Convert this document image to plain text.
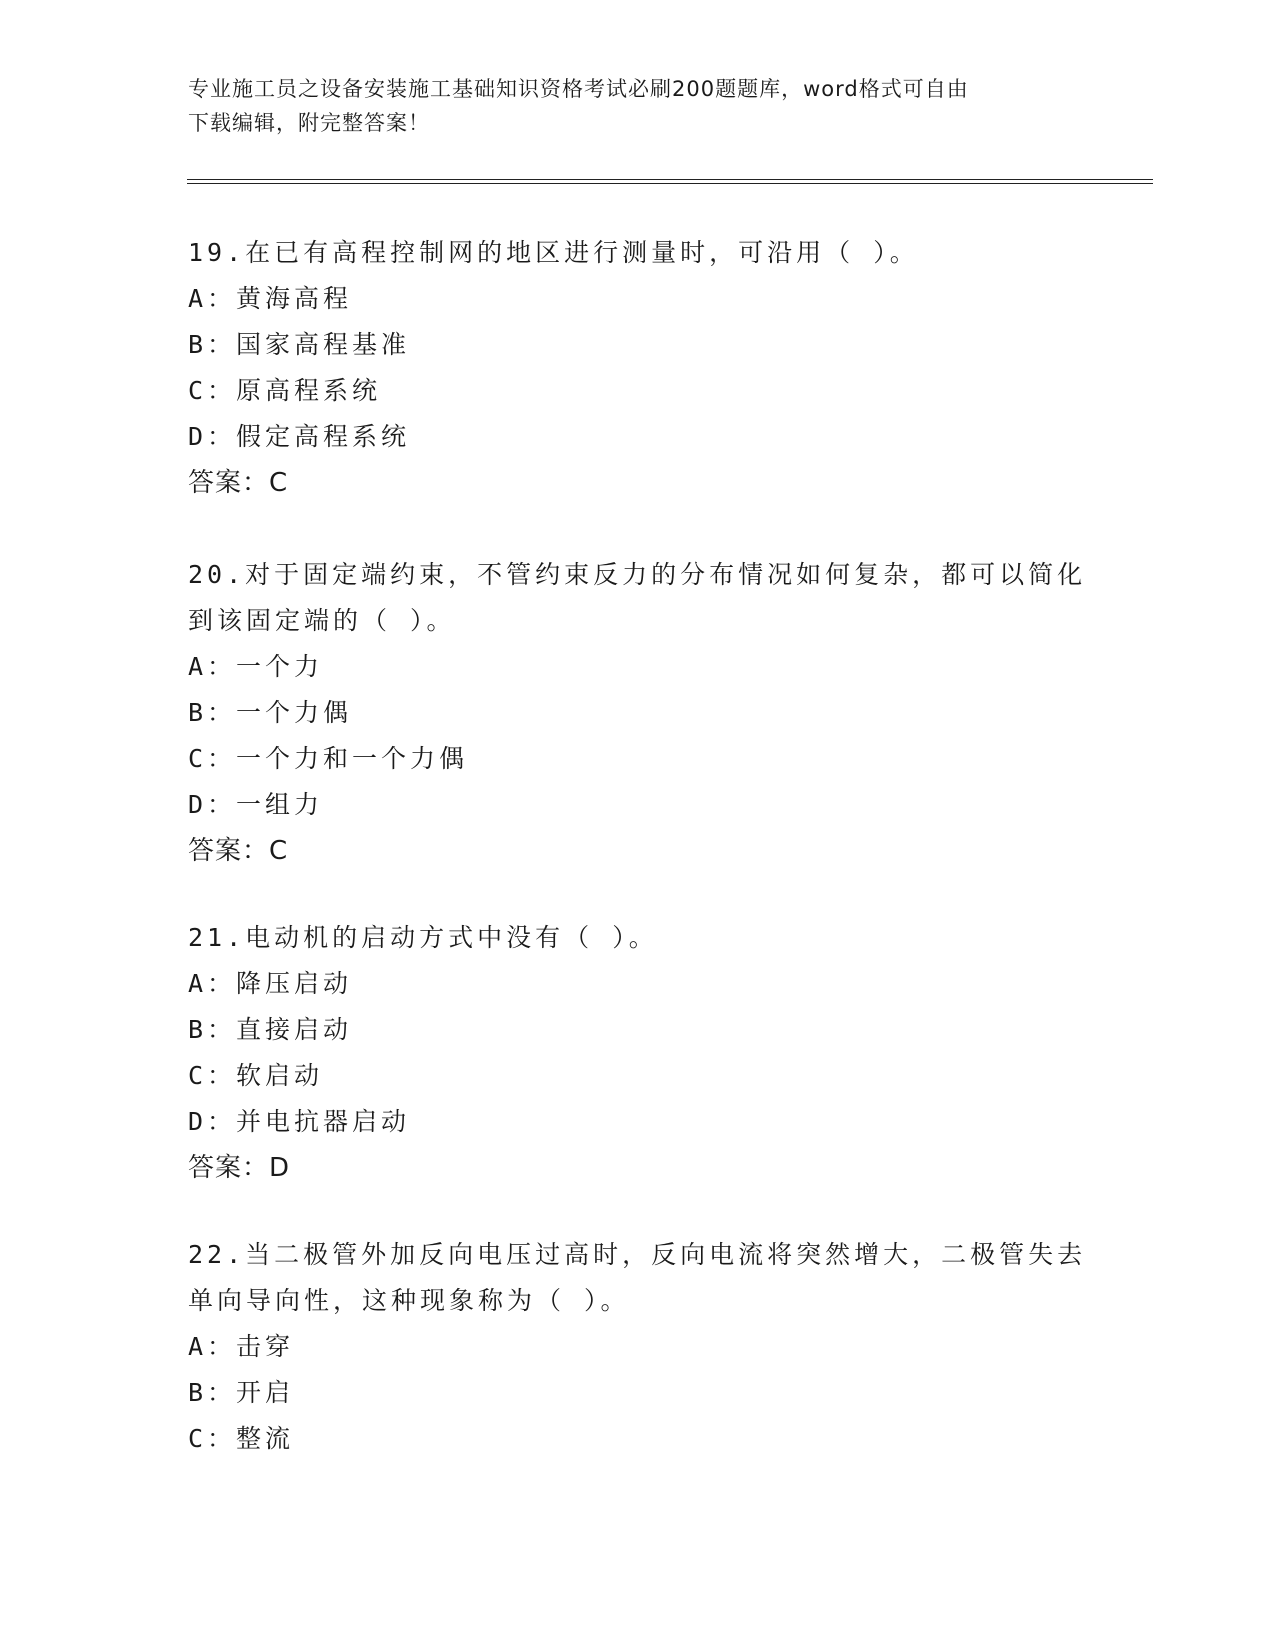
专业施工员之设备安装施工基础知识资格考试必刷200题题库，word格式可自由
下载编辑，附完整答案！

19.在已有高程控制网的地区进行测量时，可沿用（ ）。

A：黄海高程
B：国家高程基准
C：原高程系统
D：假定高程系统
答案：C

20.对于固定端约束，不管约束反力的分布情况如何复杂，都可以简化到该固定端的（ ）。

A：一个力
B：一个力偶
C：一个力和一个力偶
D：一组力
答案：C

21.电动机的启动方式中没有（ ）。

A：降压启动
B：直接启动
C：软启动
D：并电抗器启动
答案：D

22.当二极管外加反向电压过高时，反向电流将突然增大，二极管失去单向导向性，这种现象称为（ ）。

A：击穿
B：开启
C：整流
